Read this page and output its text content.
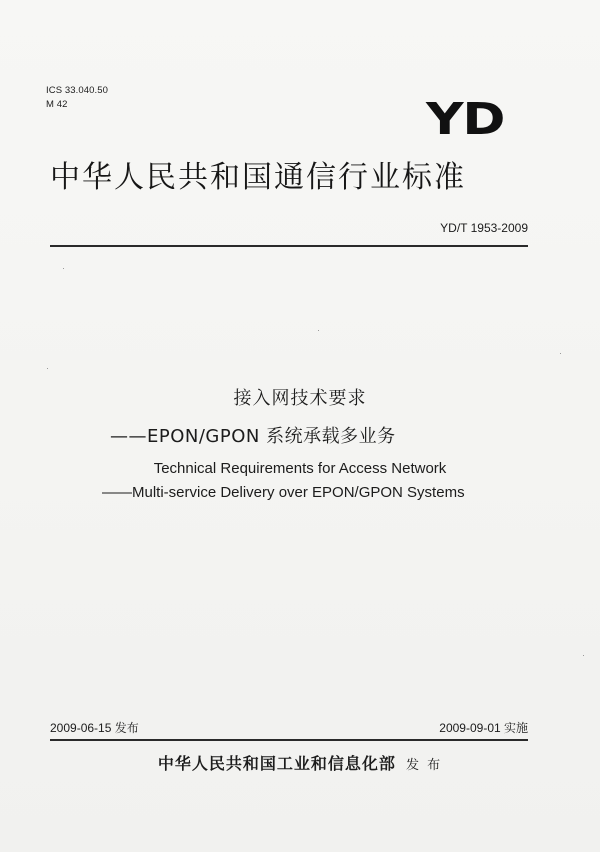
ICS 33.040.50
M 42	YD
中华人民共和国通信行业标准
YD/T 1953-2009
接入网技术要求
——EPON/GPON 系统承载多业务
Technical Requirements for Access Network
——Multi-service Delivery over EPON/GPON Systems
2009-06-15 发布	2009-09-01 实施
中华人民共和国工业和信息化部 发 布
